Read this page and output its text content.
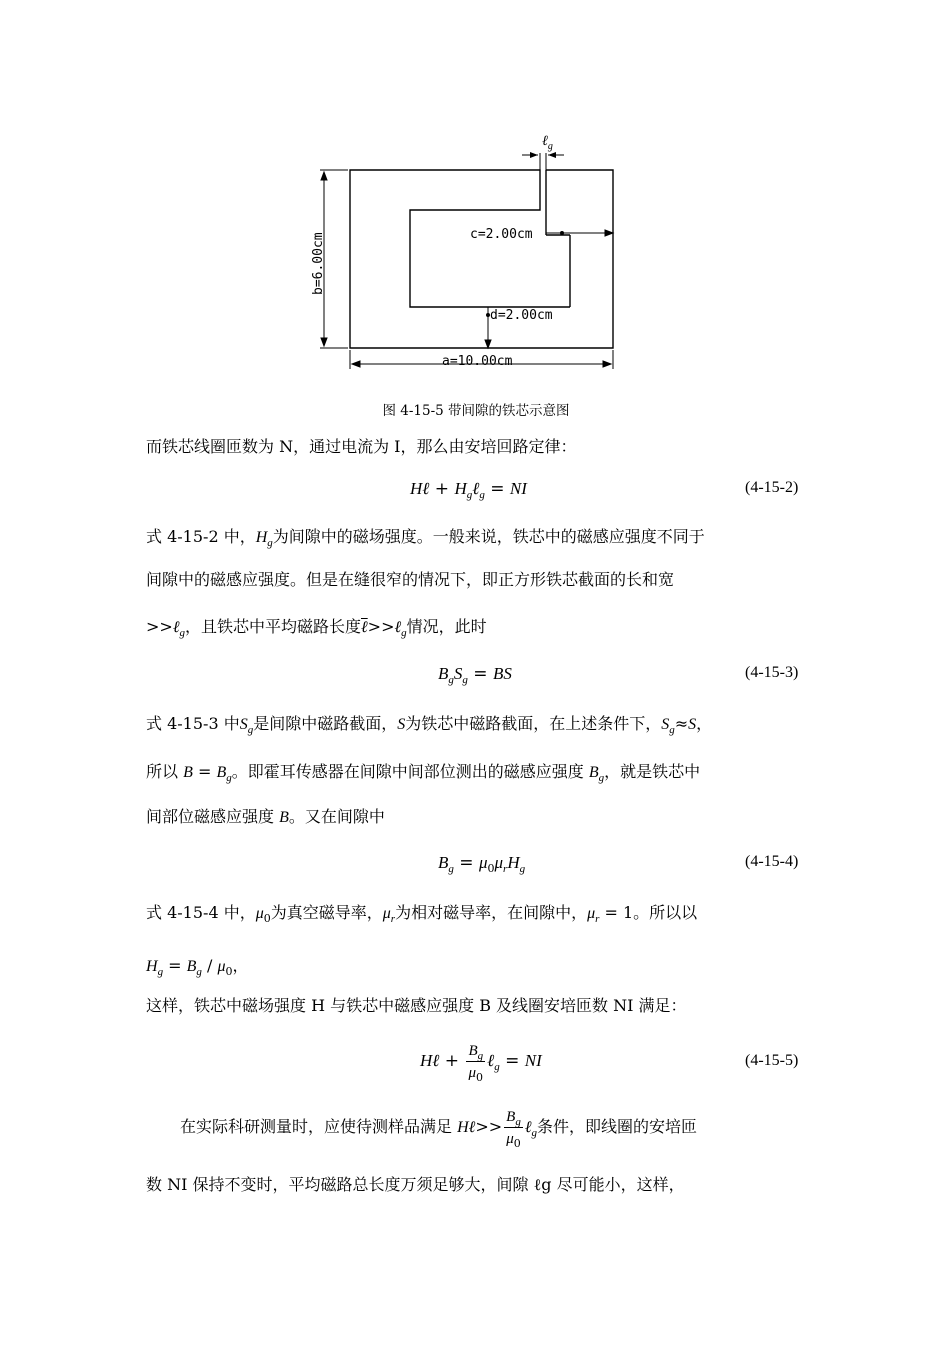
ℓ$_g$
b=6.00cm	c=2.00cm
d=2.00cm
a=10.00cm
图 4-15-5 带间隙的铁芯示意图
而铁芯线圈匝数为 N，通过电流为 I，那么由安培回路定律：
Hℓ + $H_g\ell_g$ = NI	(4-15-2)
式 4-15-2 中，$H_g$为间隙中的磁场强度。一般来说，铁芯中的磁感应强度不同于
间隙中的磁感应强度。但是在缝很窄的情况下，即正方形铁芯截面的长和宽
>>ℓ$_g$，且铁芯中平均磁路长度ℓ>>ℓ$_g$情况，此时
$B_gS_g$ = BS	(4-15-3)
式 4-15-3 中$S_g$是间隙中磁路截面，S为铁芯中磁路截面，在上述条件下，$S_g\approx S$，
所以 $B = B_g$。即霍耳传感器在间隙中间部位测出的磁感应强度 $B_g$，就是铁芯中
间部位磁感应强度 B。又在间隙中
$B_g = \mu_0\mu_rH_g$	(4-15-4)
式 4-15-4 中，$\mu_0$为真空磁导率，$\mu_r$为相对磁导率，在间隙中，$\mu_r = 1$。所以以
$H_g = B_g / \mu_0$，
这样，铁芯中磁场强度 H 与铁芯中磁感应强度 B 及线圈安培匝数 NI 满足：
Hℓ + $\frac{B_g}{\mu_0}$ ℓ$_g$ = NI	(4-15-5)
在实际科研测量时，应使待测样品满足 Hℓ>> $\frac{B_g}{\mu_0}$ ℓ$_g$条件，即线圈的安培匝
数 NI 保持不变时，平均磁路总长度万须足够大，间隙 ℓg 尽可能小，这样，
